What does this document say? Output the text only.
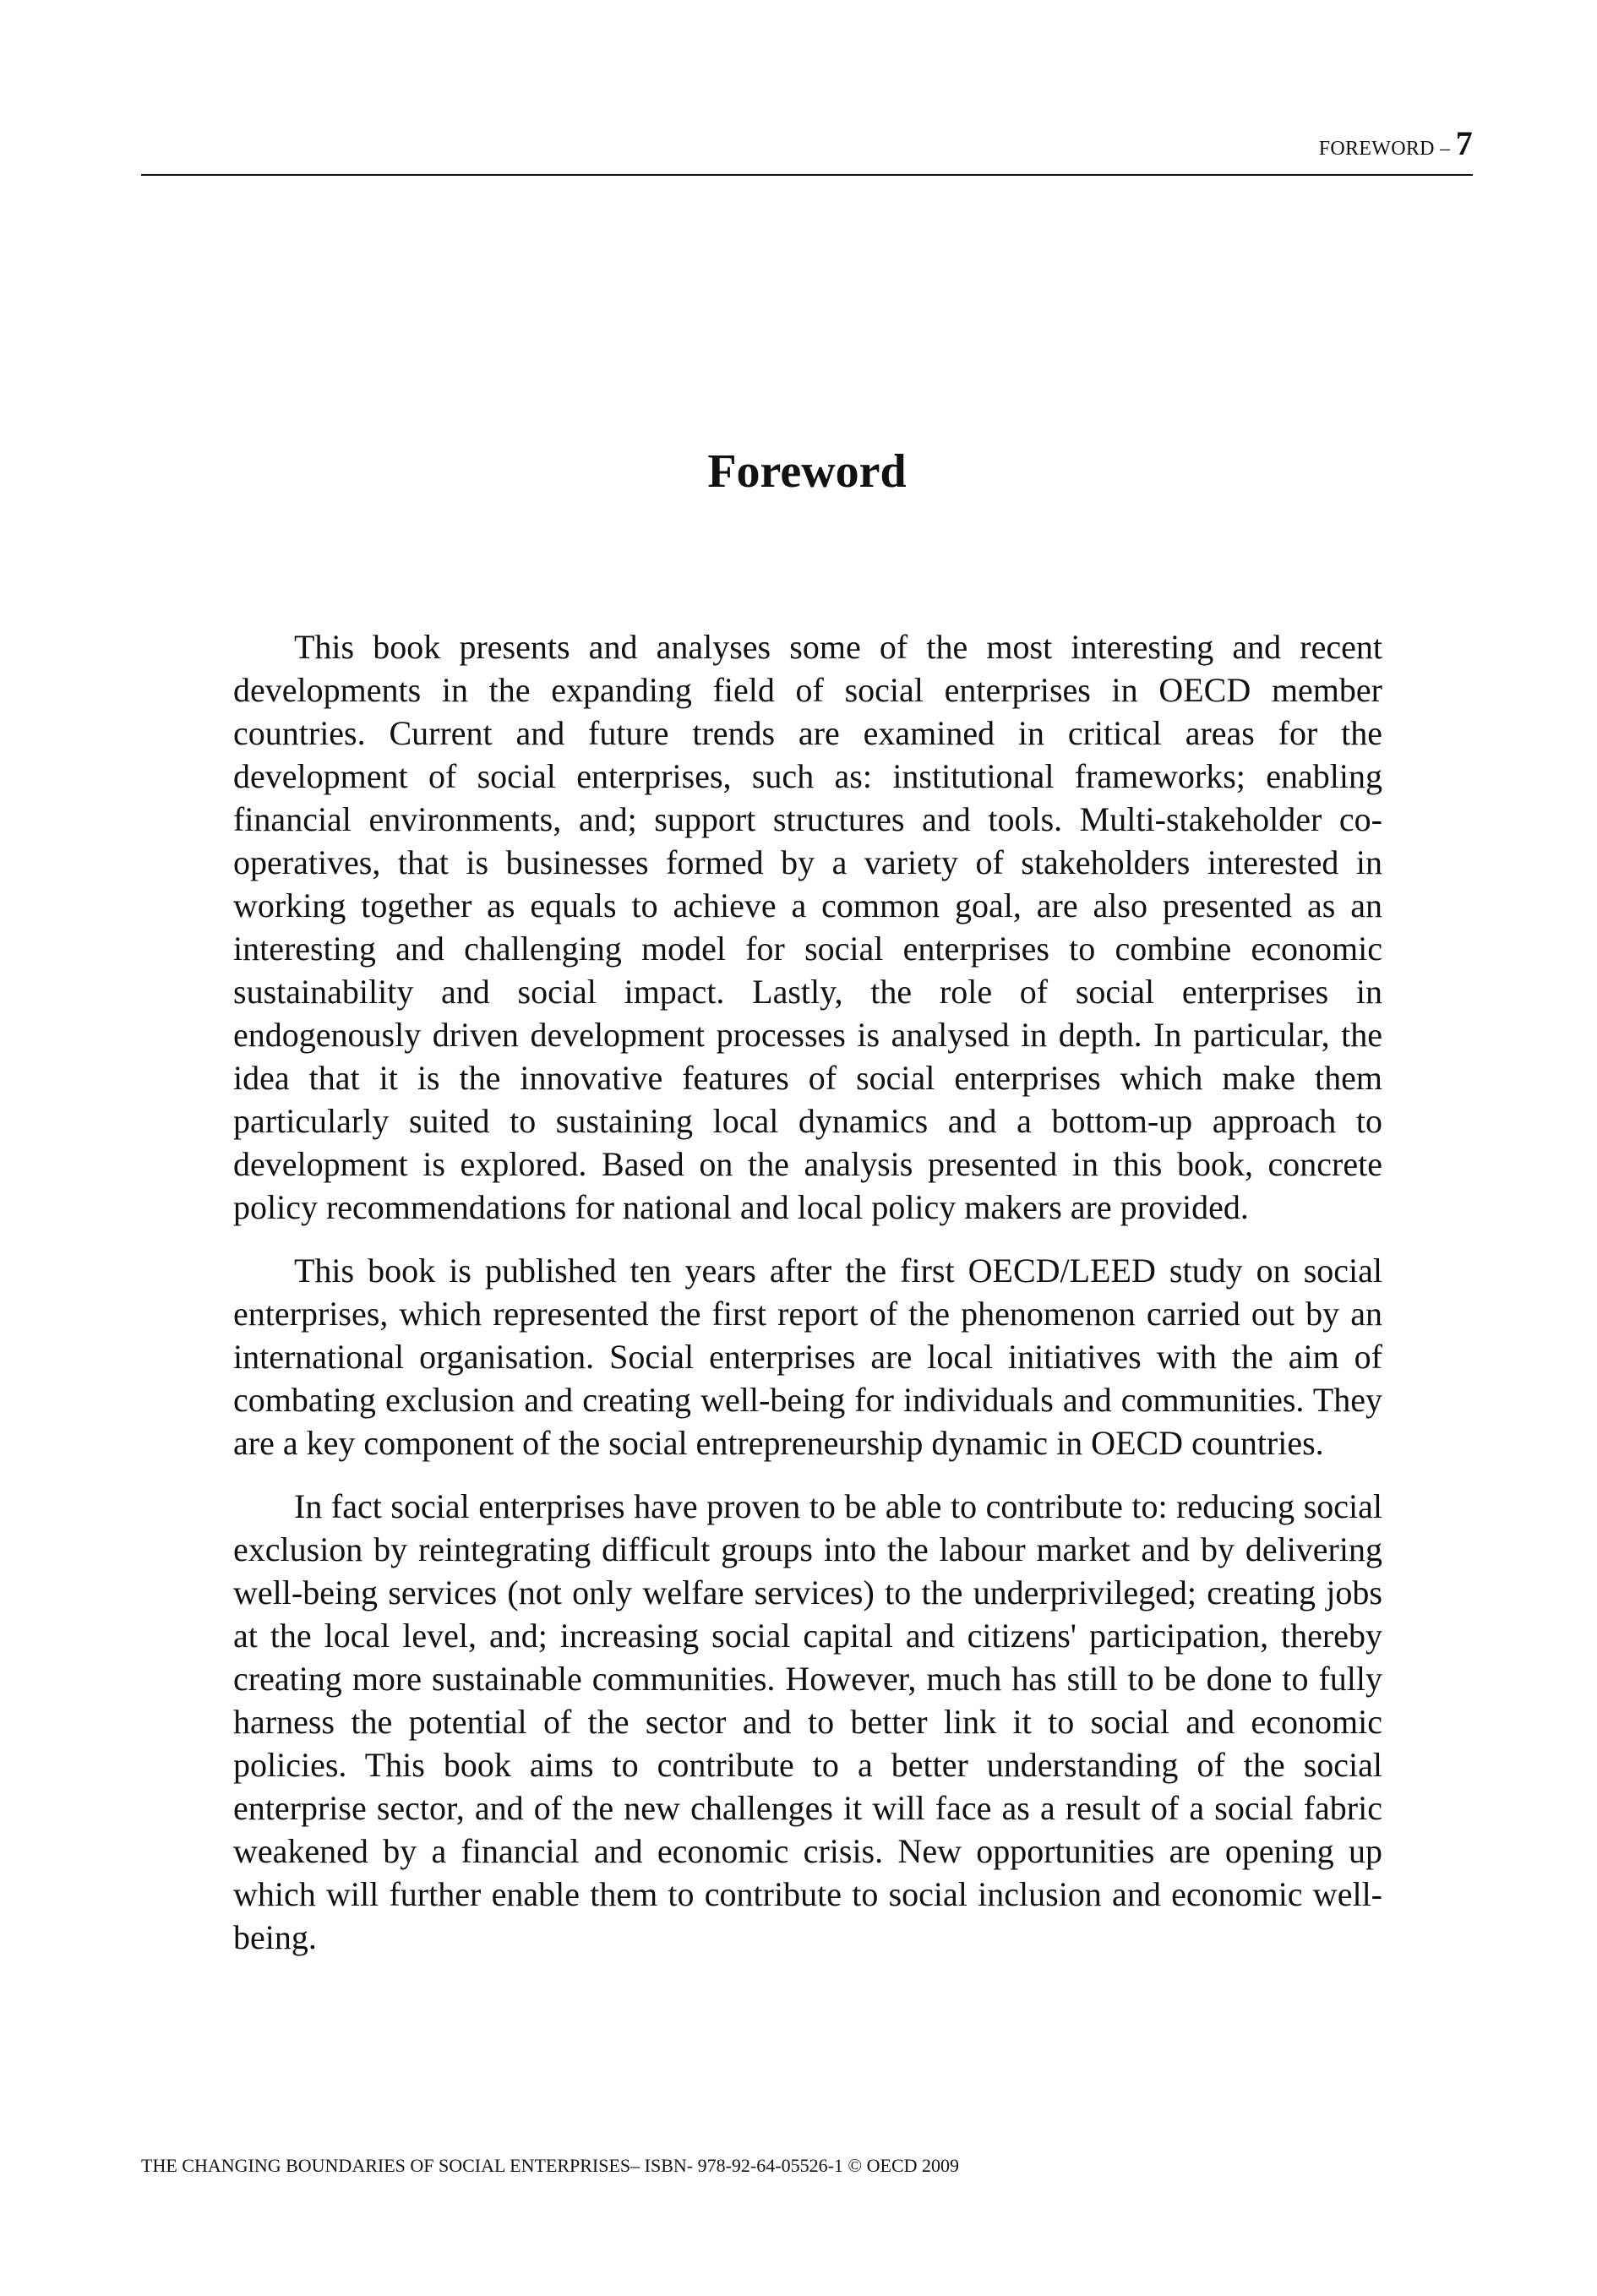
FOREWORD – 7
Foreword

This book presents and analyses some of the most interesting and recent developments in the expanding field of social enterprises in OECD member countries. Current and future trends are examined in critical areas for the development of social enterprises, such as: institutional frameworks; enabling financial environments, and; support structures and tools. Multi-stakeholder co-operatives, that is businesses formed by a variety of stakeholders interested in working together as equals to achieve a common goal, are also presented as an interesting and challenging model for social enterprises to combine economic sustainability and social impact. Lastly, the role of social enterprises in endogenously driven development processes is analysed in depth. In particular, the idea that it is the innovative features of social enterprises which make them particularly suited to sustaining local dynamics and a bottom-up approach to development is explored. Based on the analysis presented in this book, concrete policy recommendations for national and local policy makers are provided.

This book is published ten years after the first OECD/LEED study on social enterprises, which represented the first report of the phenomenon carried out by an international organisation. Social enterprises are local initiatives with the aim of combating exclusion and creating well-being for individuals and communities. They are a key component of the social entrepreneurship dynamic in OECD countries.

In fact social enterprises have proven to be able to contribute to: reducing social exclusion by reintegrating difficult groups into the labour market and by delivering well-being services (not only welfare services) to the underprivileged; creating jobs at the local level, and; increasing social capital and citizens' participation, thereby creating more sustainable communities. However, much has still to be done to fully harness the potential of the sector and to better link it to social and economic policies. This book aims to contribute to a better understanding of the social enterprise sector, and of the new challenges it will face as a result of a social fabric weakened by a financial and economic crisis. New opportunities are opening up which will further enable them to contribute to social inclusion and economic well-being.

THE CHANGING BOUNDARIES OF SOCIAL ENTERPRISES– ISBN- 978-92-64-05526-1 © OECD 2009
